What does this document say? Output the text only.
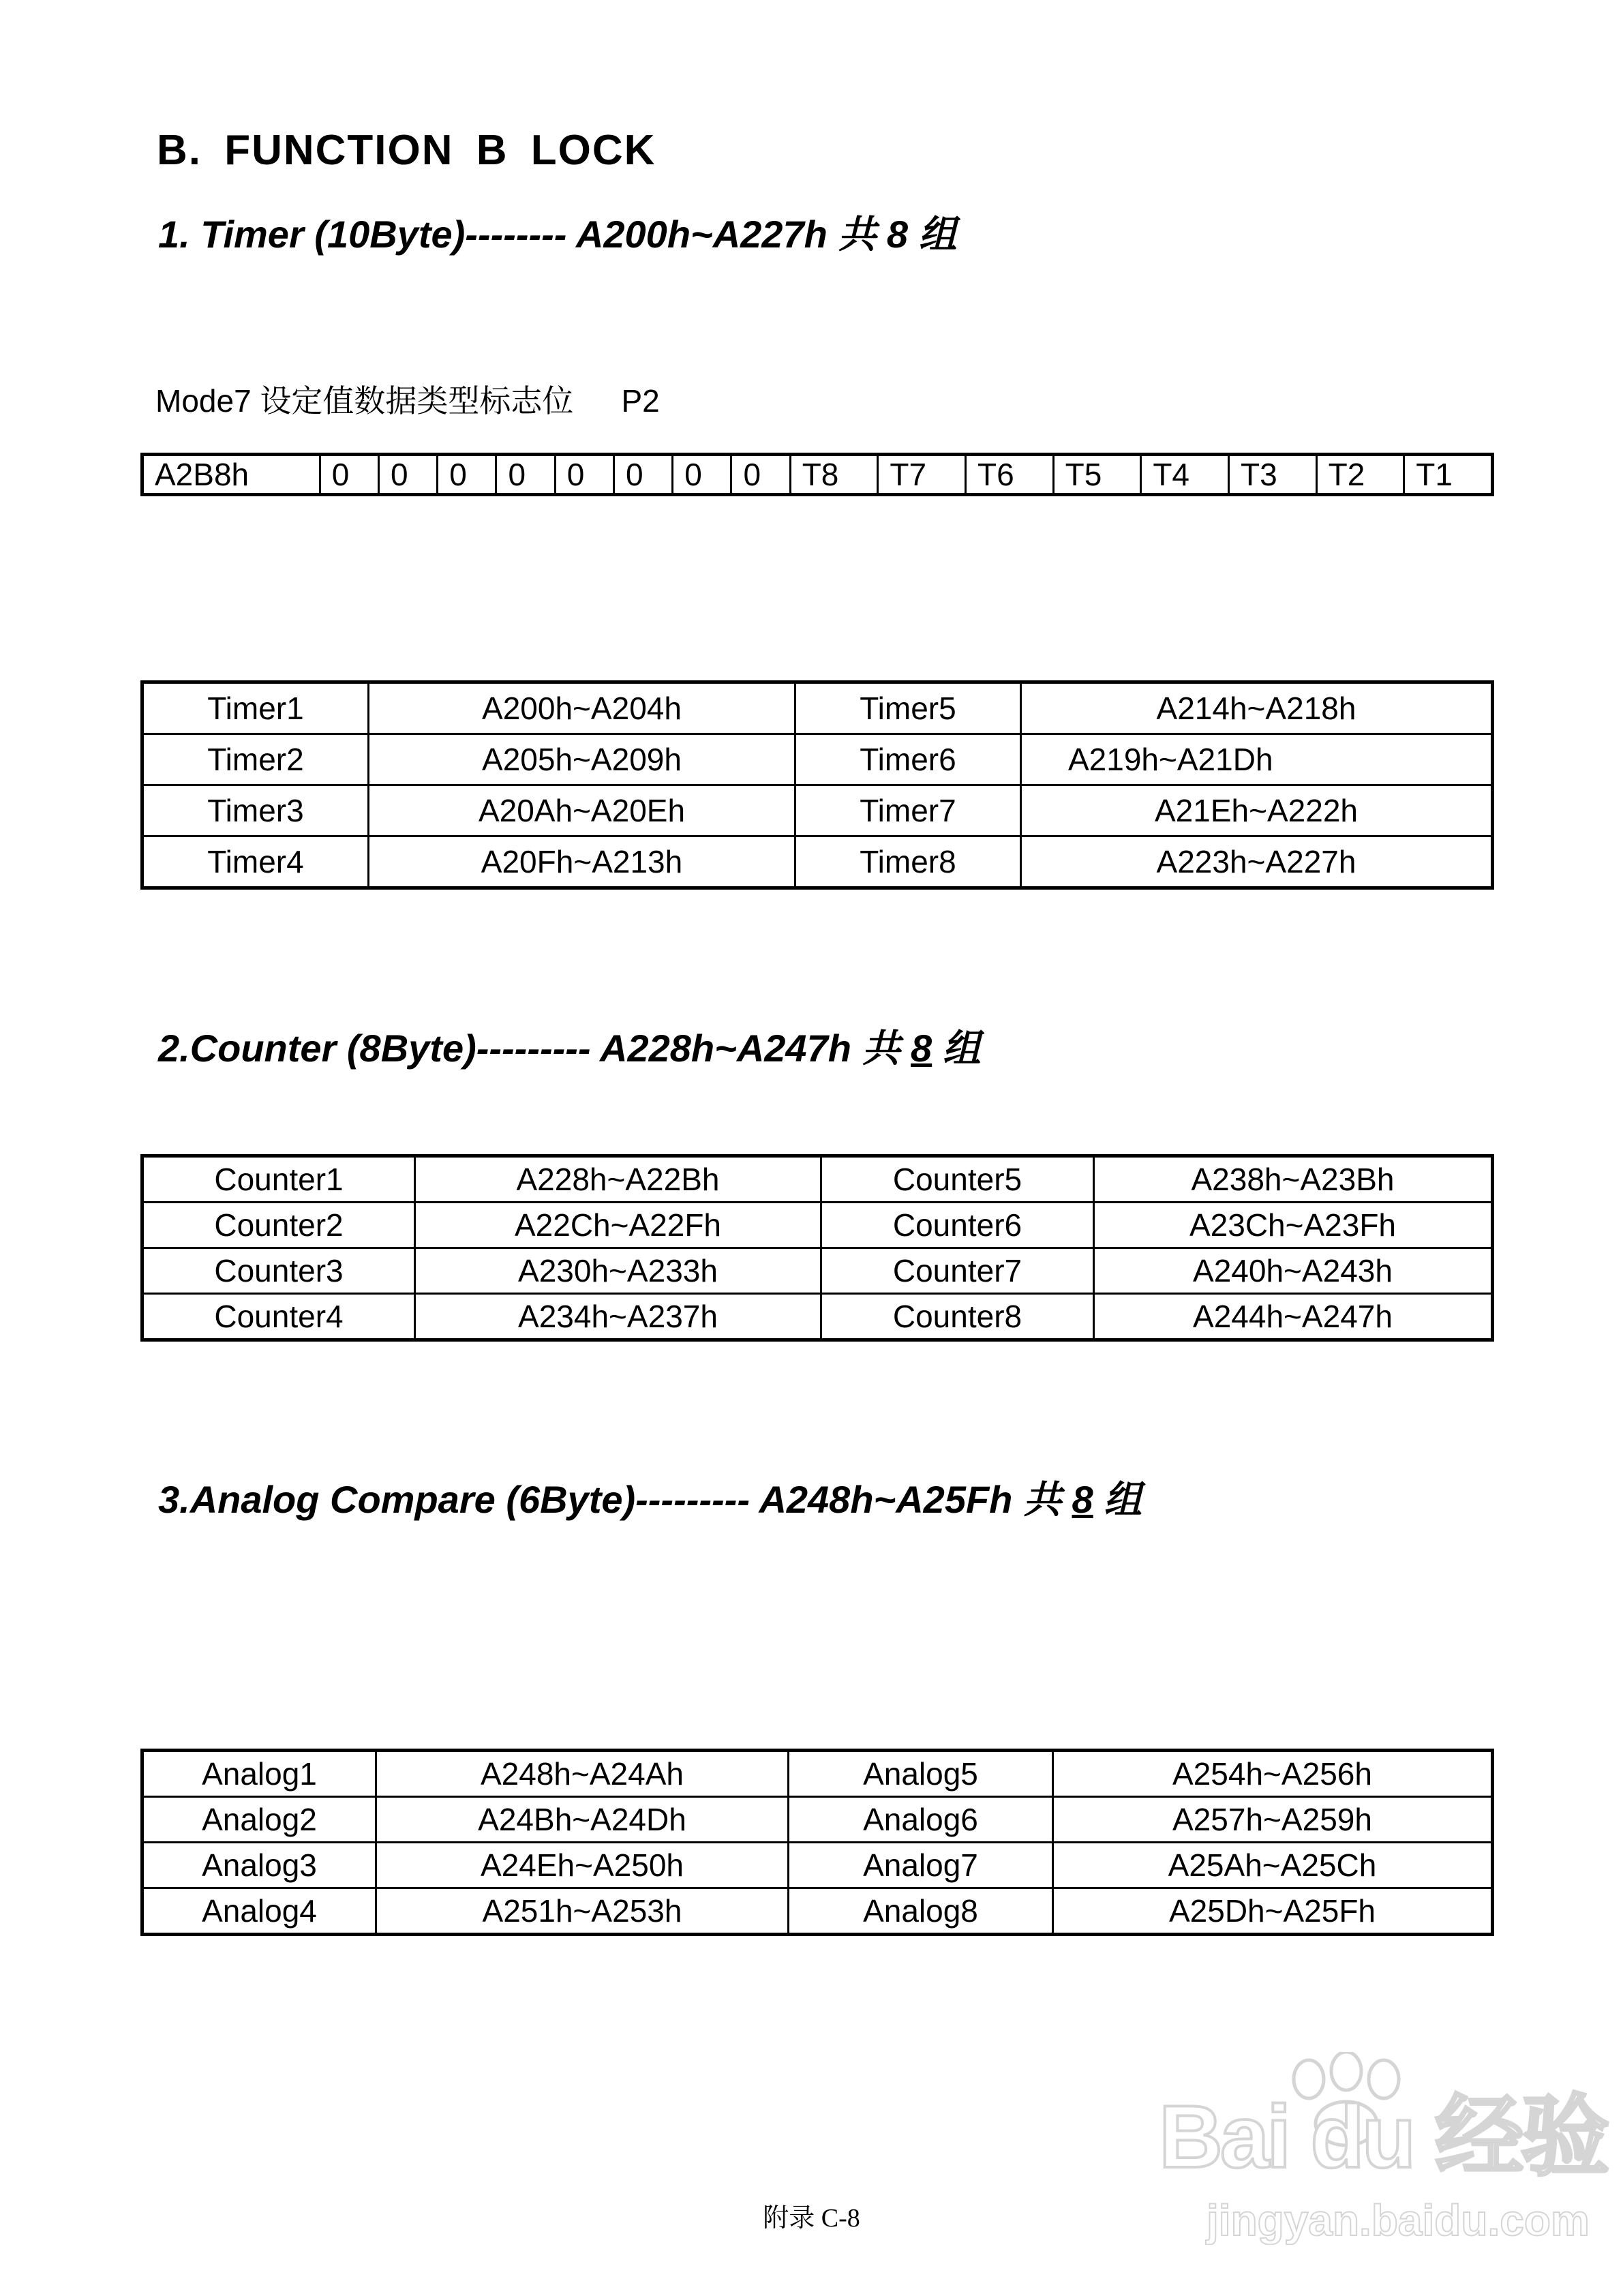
B. FUNCTION B LOCK
1. Timer (10Byte)-------- A200h~A227h 共 8 组
Mode7 设定值数据类型标志位 P2
A2B8h	0	0	0	0	0	0	0	0	T8	T7	T6	T5	T4	T3	T2	T1
Timer1	A200h~A204h	Timer5	A214h~A218h
Timer2	A205h~A209h	Timer6	A219h~A21Dh
Timer3	A20Ah~A20Eh	Timer7	A21Eh~A222h
Timer4	A20Fh~A213h	Timer8	A223h~A227h
2.Counter (8Byte)--------- A228h~A247h 共 8 组
Counter1	A228h~A22Bh	Counter5	A238h~A23Bh
Counter2	A22Ch~A22Fh	Counter6	A23Ch~A23Fh
Counter3	A230h~A233h	Counter7	A240h~A243h
Counter4	A234h~A237h	Counter8	A244h~A247h
3.Analog Compare (6Byte)--------- A248h~A25Fh 共 8 组
Analog1	A248h~A24Ah	Analog5	A254h~A256h
Analog2	A24Bh~A24Dh	Analog6	A257h~A259h
Analog3	A24Eh~A250h	Analog7	A25Ah~A25Ch
Analog4	A251h~A253h	Analog8	A25Dh~A25Fh
Bai du 经验
jingyan.baidu.com
附录 C-8
